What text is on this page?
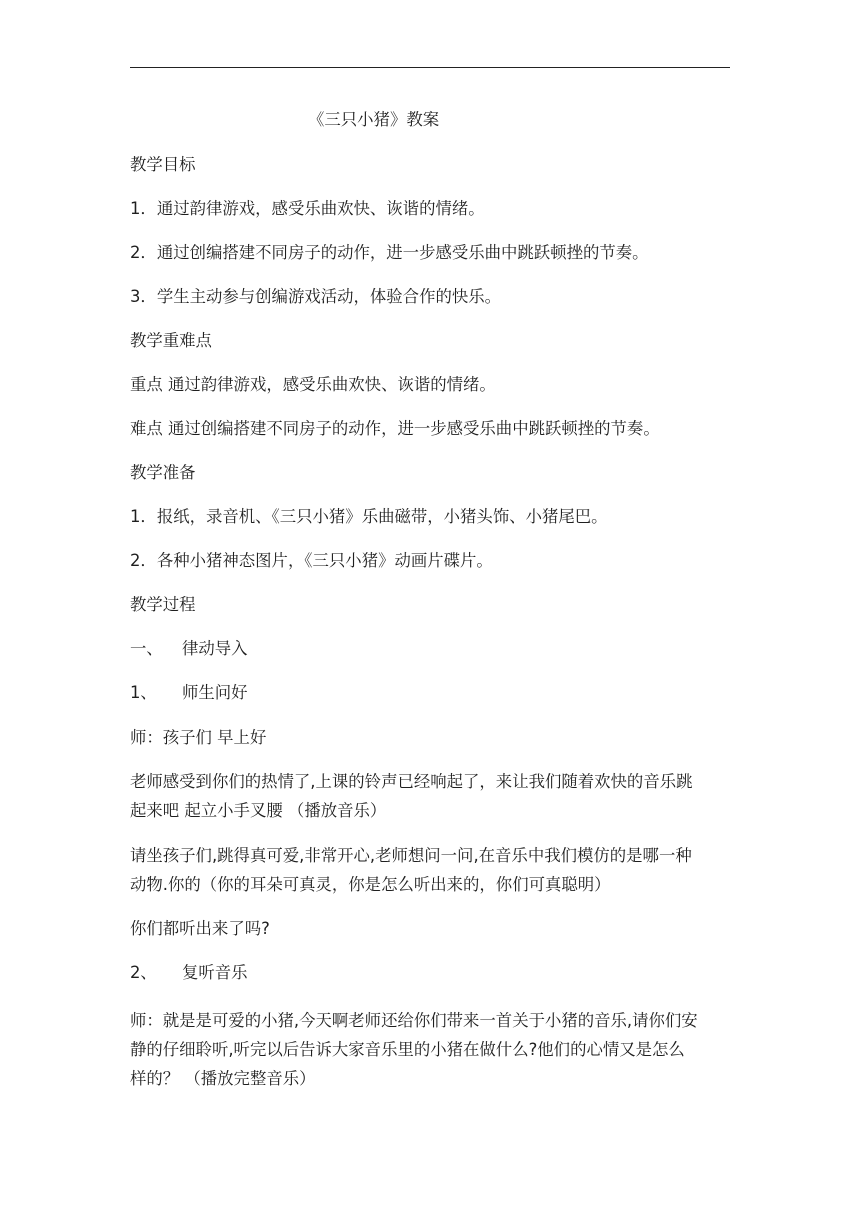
《三只小猪》教案

教学目标

1．通过韵律游戏，感受乐曲欢快、诙谐的情绪。

2．通过创编搭建不同房子的动作，进一步感受乐曲中跳跃顿挫的节奏。

3．学生主动参与创编游戏活动，体验合作的快乐。

教学重难点

重点 通过韵律游戏，感受乐曲欢快、诙谐的情绪。

难点 通过创编搭建不同房子的动作，进一步感受乐曲中跳跃顿挫的节奏。

教学准备

1．报纸，录音机、《三只小猪》乐曲磁带，小猪头饰、小猪尾巴。

2．各种小猪神态图片，《三只小猪》动画片碟片。

教学过程

一、 律动导入

1、 师生问好

师：孩子们 早上好

老师感受到你们的热情了,上课的铃声已经响起了，来让我们随着欢快的音乐跳

起来吧 起立小手叉腰 （播放音乐）

请坐孩子们,跳得真可爱,非常开心,老师想问一问,在音乐中我们模仿的是哪一种

动物.你的（你的耳朵可真灵，你是怎么听出来的，你们可真聪明）

你们都听出来了吗?

2、 复听音乐

师：就是是可爱的小猪,今天啊老师还给你们带来一首关于小猪的音乐,请你们安

静的仔细聆听,听完以后告诉大家音乐里的小猪在做什么?他们的心情又是怎么

样的？ （播放完整音乐）
